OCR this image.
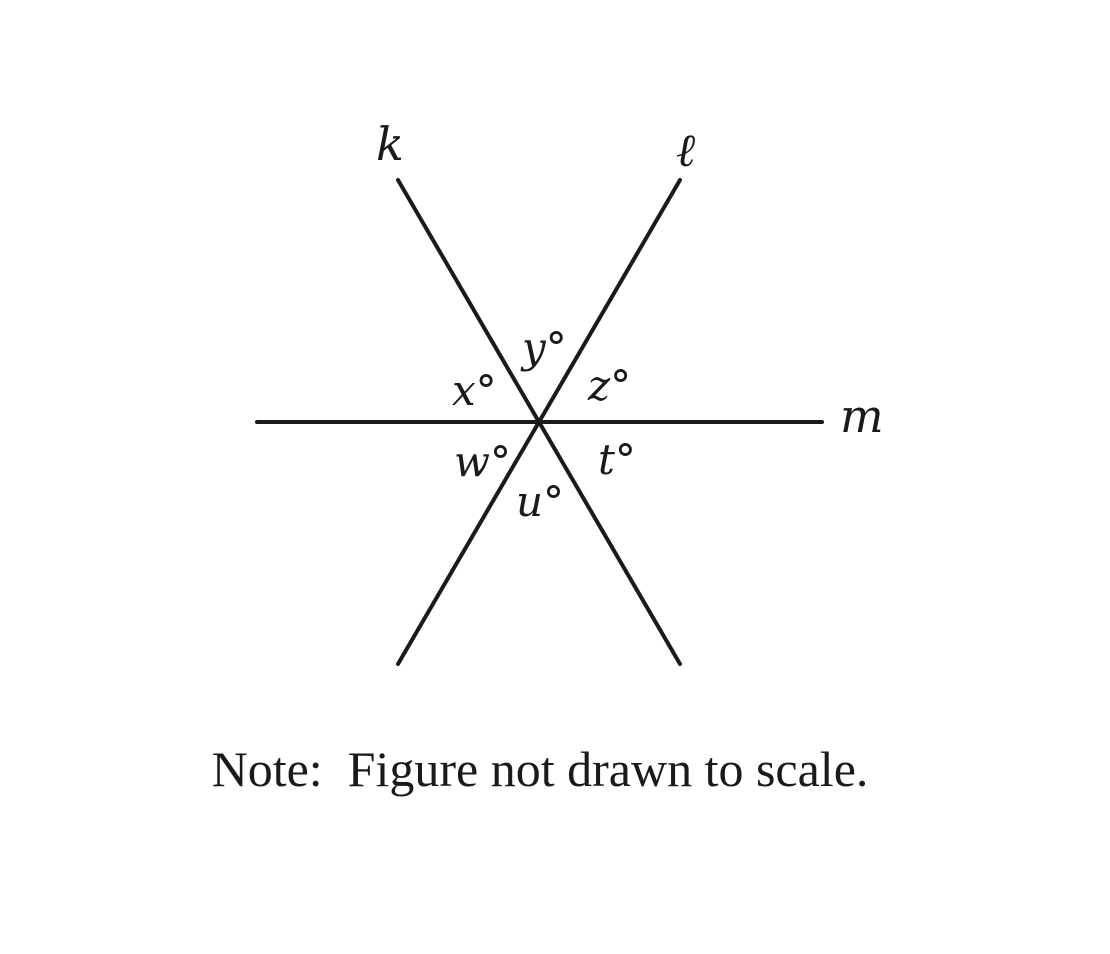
k	ℓ
m
x°
y°
z°
w°
u°
t°
Note:  Figure not drawn to scale.
